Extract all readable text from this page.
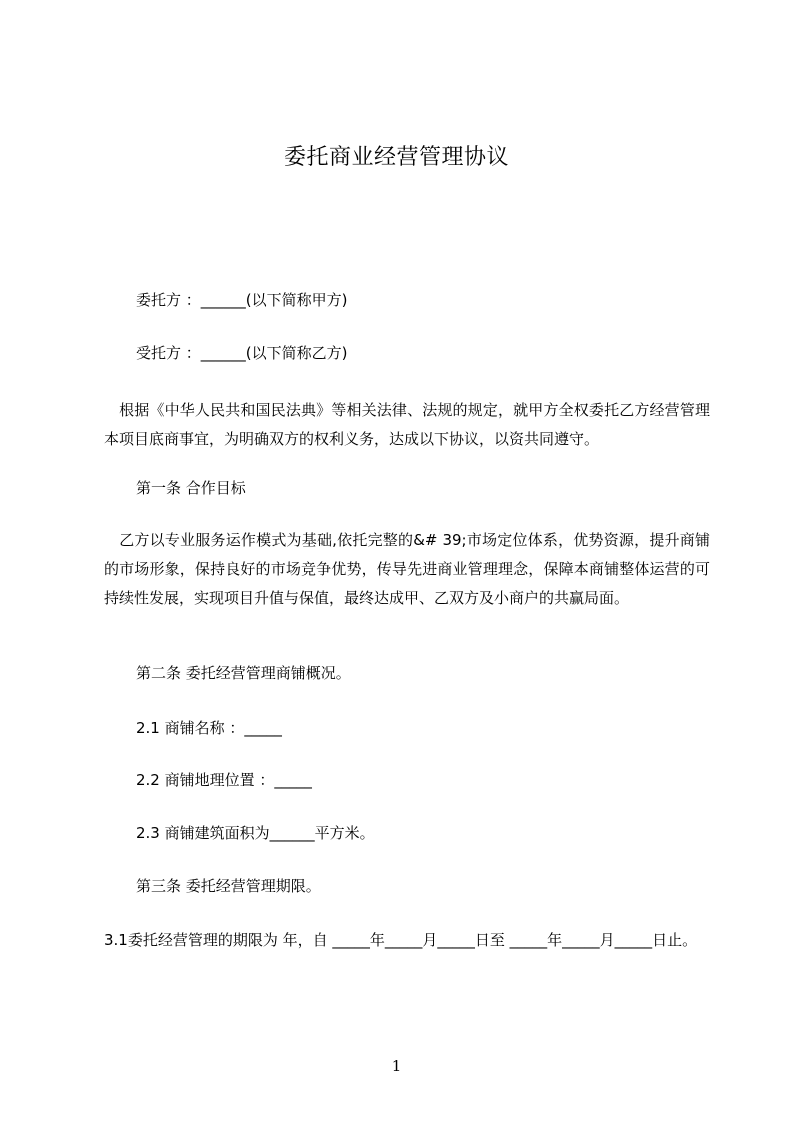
委托商业经营管理协议
委托方 ：______(以下简称甲方)
受托方 ：______(以下简称乙方)
　根据《中华人民共和国民法典》等相关法律、法规的规定，就甲方全权委托乙方经营管理本项目底商事宜，为明确双方的权利义务，达成以下协议，以资共同遵守。
第一条 合作目标
　乙方以专业服务运作模式为基础,依托完整的&# 39;市场定位体系，优势资源，提升商铺的市场形象，保持良好的市场竞争优势，传导先进商业管理理念，保障本商铺整体运营的可持续性发展，实现项目升值与保值，最终达成甲、乙双方及小商户的共赢局面。
第二条 委托经营管理商铺概况。
2.1 商铺名称 ：_____
2.2 商铺地理位置 ：_____
2.3 商铺建筑面积为______平方米。
第三条 委托经营管理期限。
3.1委托经营管理的期限为 年，自 _____年_____月_____日至 _____年_____月_____日止。
1
